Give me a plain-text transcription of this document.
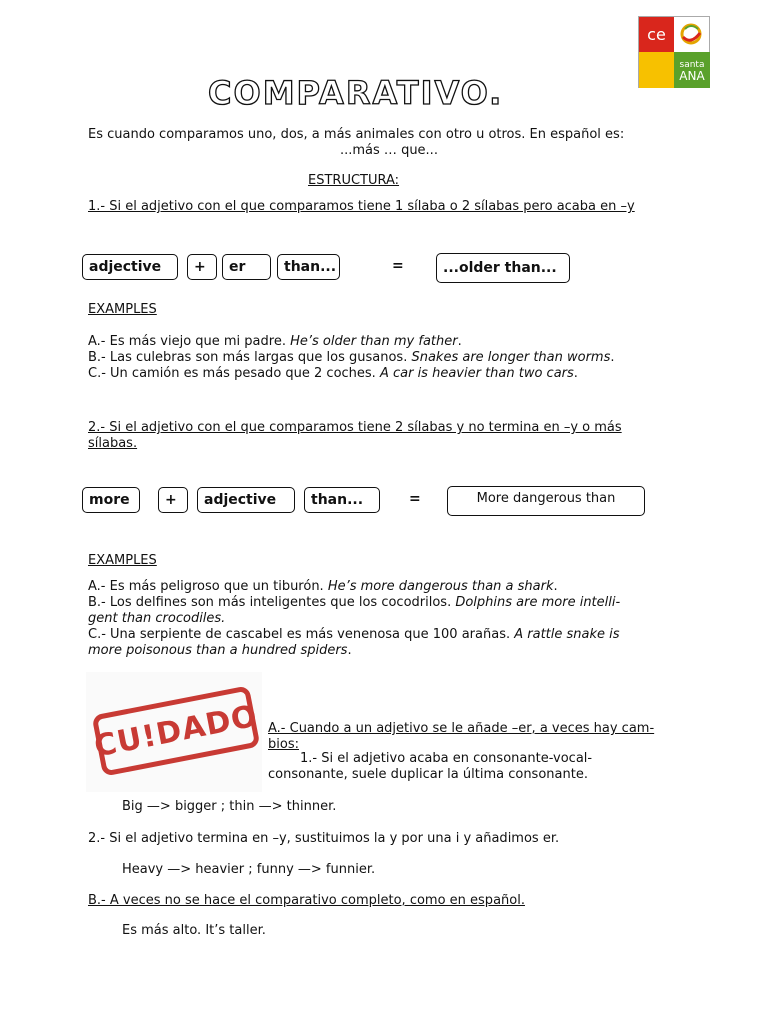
ce
santa
ANA
COMPARATIVO.
Es cuando comparamos uno, dos, a más animales con otro u otros. En español es:
...más … que...
ESTRUCTURA:
1.- Si el adjetivo con el que comparamos tiene 1 sílaba o 2 sílabas pero acaba en –y
adjective	+	er	than...	=	...older than...
EXAMPLES
A.- Es más viejo que mi padre. He’s older than my father.
B.- Las culebras son más largas que los gusanos. Snakes are longer than worms.
C.- Un camión es más pesado que 2 coches. A car is heavier than two cars.
2.- Si el adjetivo con el que comparamos tiene 2 sílabas y no termina en –y o más
sílabas.
more	+	adjective	than...	=	More dangerous than
EXAMPLES
A.- Es más peligroso que un tiburón. He’s more dangerous than a shark.
B.- Los delfines son más inteligentes que los cocodrilos. Dolphins are more intelli-
gent than crocodiles.
C.- Una serpiente de cascabel es más venenosa que 100 arañas. A rattle snake is
more poisonous than a hundred spiders.
CU!DADO A.- Cuando a un adjetivo se le añade –er, a veces hay cam-
bios:
1.- Si el adjetivo acaba en consonante-vocal-
consonante, suele duplicar la última consonante.
Big —> bigger ; thin —> thinner.
2.- Si el adjetivo termina en –y, sustituimos la y por una i y añadimos er.
Heavy —> heavier ; funny —> funnier.
B.- A veces no se hace el comparativo completo, como en español.
Es más alto. It’s taller.
